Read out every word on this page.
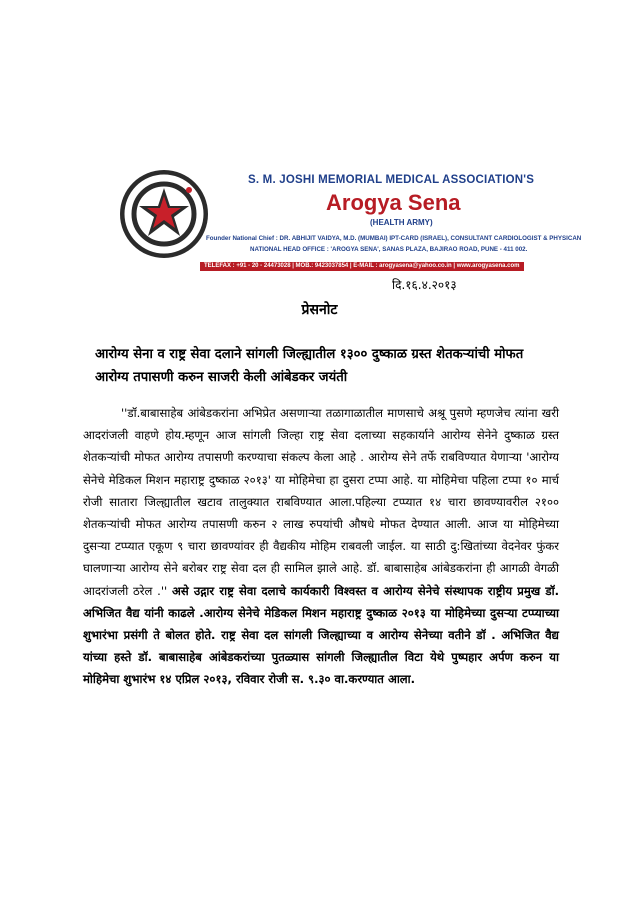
S. M. JOSHI MEMORIAL MEDICAL ASSOCIATION'S
Arogya Sena
(HEALTH ARMY)
Founder National Chief : DR. ABHIJIT VAIDYA, M.D. (MUMBAI) IPT-CARD (ISRAEL), CONSULTANT CARDIOLOGIST & PHYSICAN
NATIONAL HEAD OFFICE : 'AROGYA SENA', SANAS PLAZA, BAJIRAO ROAD, PUNE - 411 002.
TELEFAX : +91 - 20 - 24473028 | MOB.: 9423037854 | E-MAIL : arogyasena@yahoo.co.in | www.arogyasena.com
दि.१६.४.२०१३
प्रेसनोट
आरोग्य सेना व राष्ट्र सेवा दलाने सांगली जिल्ह्यातील १३०० दुष्काळ ग्रस्त शेतकऱ्यांची मोफत आरोग्य तपासणी करुन साजरी केली आंबेडकर जयंती

''डॉ.बाबासाहेब आंबेडकरांना अभिप्रेत असणाऱ्या तळागाळातील माणसाचे अश्रू पुसणे म्हणजेच त्यांना खरी आदरांजली वाहणे होय.म्हणून आज सांगली जिल्हा राष्ट्र सेवा दलाच्या सहकार्याने आरोग्य सेनेने दुष्काळ ग्रस्त शेतकऱ्यांची मोफत आरोग्य तपासणी करण्याचा संकल्प केला आहे . आरोग्य सेने तर्फे राबविण्यात येणाऱ्या 'आरोग्य सेनेचे मेडिकल मिशन महाराष्ट्र दुष्काळ २०१३' या मोहिमेचा हा दुसरा टप्पा आहे. या मोहिमेचा पहिला टप्पा १० मार्च रोजी सातारा जिल्ह्यातील खटाव तालुक्यात राबविण्यात आला.पहिल्या टप्प्यात १४ चारा छावण्यावरील २१०० शेतकऱ्यांची मोफत आरोग्य तपासणी करुन २ लाख रुपयांची औषधे मोफत देण्यात आली. आज या मोहिमेच्या दुसऱ्या टप्प्यात एकूण ९ चारा छावण्यांवर ही वैद्यकीय मोहिम राबवली जाईल. या साठी दु:खितांच्या वेदनेवर फुंकर घालणाऱ्या आरोग्य सेने बरोबर राष्ट्र सेवा दल ही सामिल झाले आहे. डॉ. बाबासाहेब आंबेडकरांना ही आगळी वेगळी आदरांजली ठरेल .'' असे उद्गार राष्ट्र सेवा दलाचे कार्यकारी विश्वस्त व आरोग्य सेनेचे संस्थापक राष्ट्रीय प्रमुख डॉ. अभिजित वैद्य यांनी काढले .आरोग्य सेनेचे मेडिकल मिशन महाराष्ट्र दुष्काळ २०१३ या मोहिमेच्या दुसऱ्या टप्प्याच्या शुभारंभा प्रसंगी ते बोलत होते. राष्ट्र सेवा दल सांगली जिल्ह्याच्या व आरोग्य सेनेच्या वतीने डॉ . अभिजित वैद्य यांच्या हस्ते डॉ. बाबासाहेब आंबेडकरांच्या पुतळ्यास सांगली जिल्ह्यातील विटा येथे पुष्पहार अर्पण करुन या मोहिमेचा शुभारंभ १४ एप्रिल २०१३, रविवार रोजी स. ९.३० वा.करण्यात आला.
